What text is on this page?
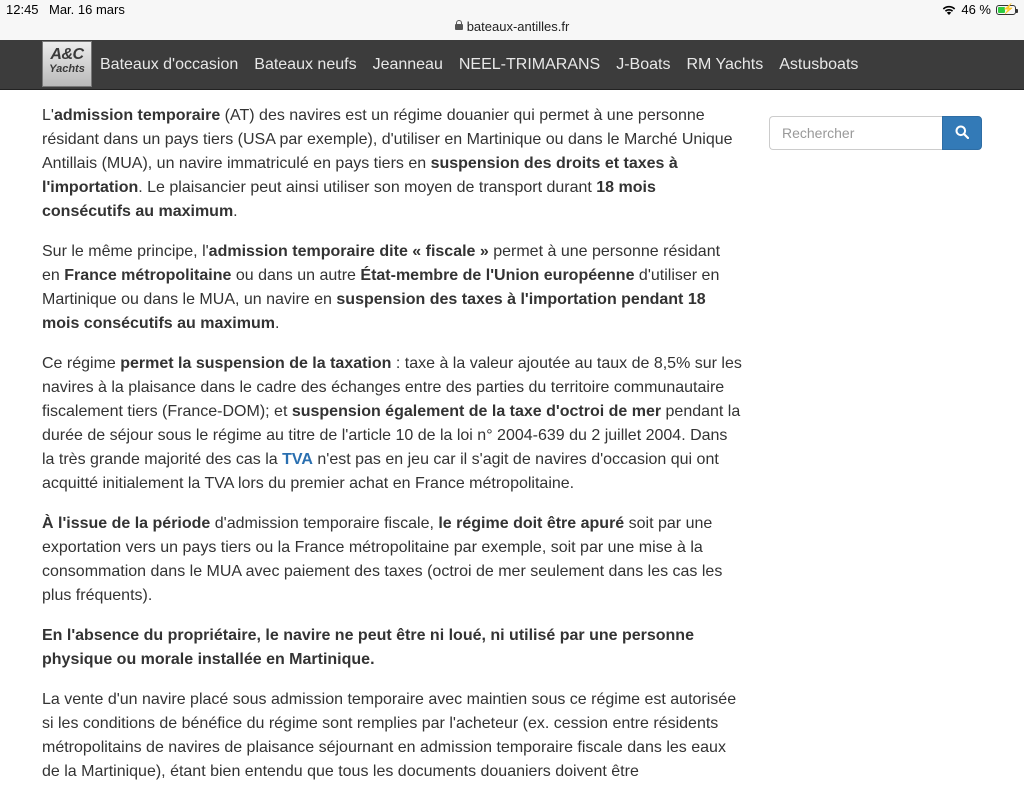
12:45 Mar. 16 mars
bateaux-antilles.fr
46 % ⚡
A&C
Yachts Bateaux d'occasion	Bateaux neufs	Jeanneau	NEEL-TRIMARANS	J-Boats	RM Yachts	Astusboats

L'admission temporaire (AT) des navires est un régime douanier qui permet à une personne résidant dans un pays tiers (USA par exemple), d'utiliser en Martinique ou dans le Marché Unique Antillais (MUA), un navire immatriculé en pays tiers en suspension des droits et taxes à l'importation. Le plaisancier peut ainsi utiliser son moyen de transport durant 18 mois consécutifs au maximum.

Sur le même principe, l'admission temporaire dite « fiscale » permet à une personne résidant en France métropolitaine ou dans un autre État-membre de l'Union européenne d'utiliser en Martinique ou dans le MUA, un navire en suspension des taxes à l'importation pendant 18 mois consécutifs au maximum.

Ce régime permet la suspension de la taxation : taxe à la valeur ajoutée au taux de 8,5% sur les navires à la plaisance dans le cadre des échanges entre des parties du territoire communautaire fiscalement tiers (France-DOM); et suspension également de la taxe d'octroi de mer pendant la durée de séjour sous le régime au titre de l'article 10 de la loi n° 2004-639 du 2 juillet 2004. Dans la très grande majorité des cas la TVA n'est pas en jeu car il s'agit de navires d'occasion qui ont acquitté initialement la TVA lors du premier achat en France métropolitaine.

À l'issue de la période d'admission temporaire fiscale, le régime doit être apuré soit par une exportation vers un pays tiers ou la France métropolitaine par exemple, soit par une mise à la consommation dans le MUA avec paiement des taxes (octroi de mer seulement dans les cas les plus fréquents).

En l'absence du propriétaire, le navire ne peut être ni loué, ni utilisé par une personne physique ou morale installée en Martinique.

La vente d'un navire placé sous admission temporaire avec maintien sous ce régime est autorisée si les conditions de bénéfice du régime sont remplies par l'acheteur (ex. cession entre résidents métropolitains de navires de plaisance séjournant en admission temporaire fiscale dans les eaux de la Martinique), étant bien entendu que tous les documents douaniers doivent être

Rechercher
